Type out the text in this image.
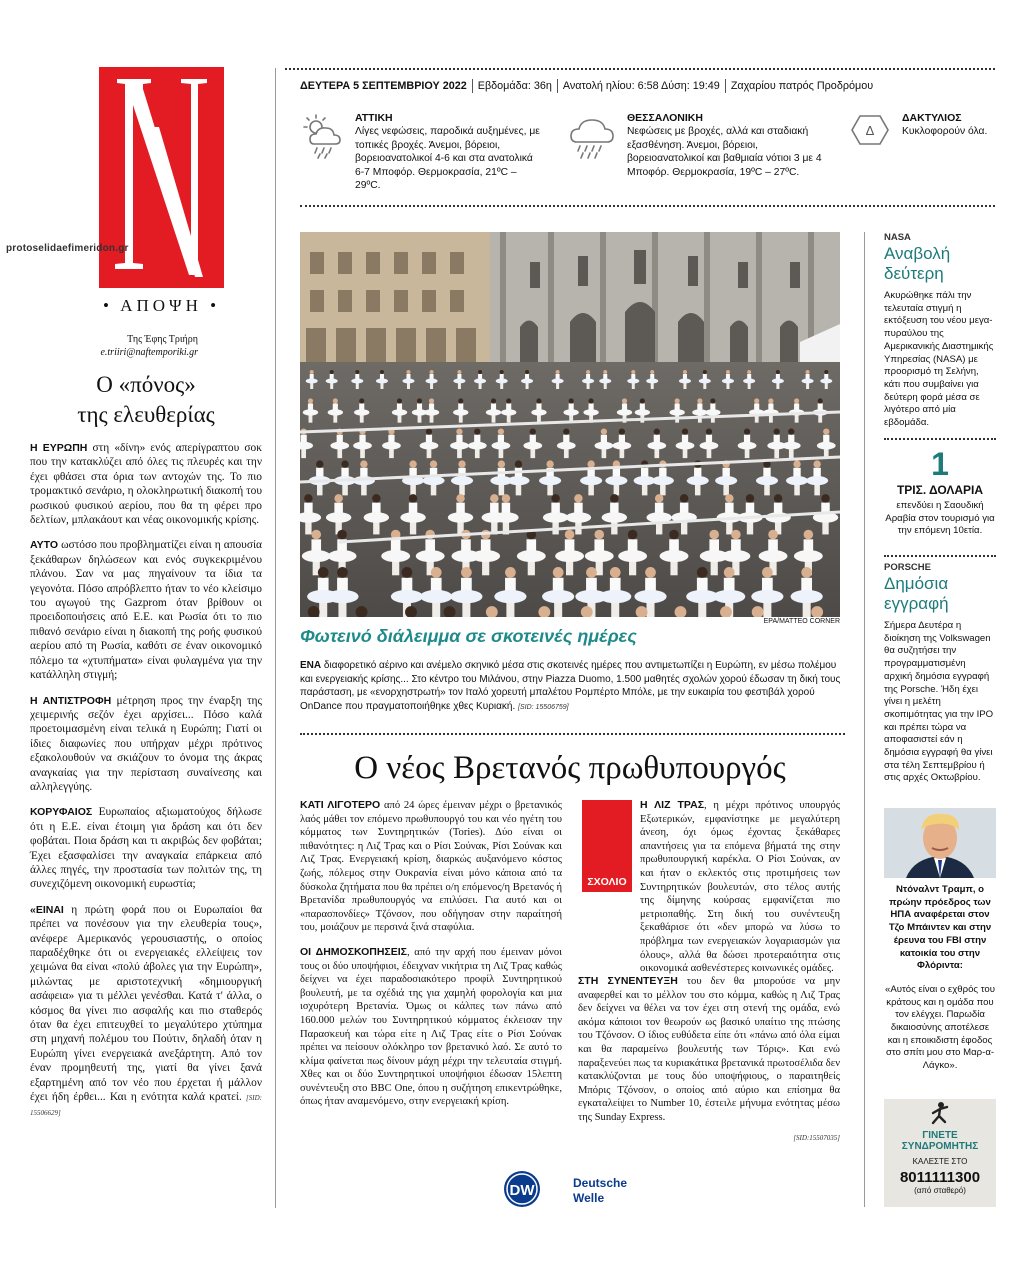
protoselidaefimeridon.gr
• ΑΠΟΨΗ •
Της Έφης Τριήρη
e.triiri@naftemporiki.gr
Ο «πόνος»
της ελευθερίας

Η ΕΥΡΩΠΗ στη «δίνη» ενός απερίγραπτου σοκ που την κατακλύζει από όλες τις πλευρές και την έχει φθάσει στα όρια των αντοχών της. Το πιο τρομακτικό σενάριο, η ολοκληρωτική διακοπή του ρωσικού φυσικού αερίου, που θα τη φέρει προ δελτίων, μπλακάουτ και νέας οικονομικής κρίσης.

ΑΥΤΟ ωστόσο που προβληματίζει είναι η απουσία ξεκάθαρων δηλώσεων και ενός συγκεκριμένου πλάνου. Σαν να μας πηγαίνουν τα ίδια τα γεγονότα. Πόσο απρόβλεπτο ήταν το νέο κλείσιμο του αγωγού της Gazprom όταν βρίθουν οι προειδοποιήσεις από Ε.Ε. και Ρωσία ότι το πιο πιθανό σενάριο είναι η διακοπή της ροής φυσικού αερίου από τη Ρωσία, καθότι σε έναν οικονομικό πόλεμο τα «χτυπήματα» είναι φυλαγμένα για την κατάλληλη στιγμή;

Η ΑΝΤΙΣΤΡΟΦΗ μέτρηση προς την έναρξη της χειμερινής σεζόν έχει αρχίσει... Πόσο καλά προετοιμασμένη είναι τελικά η Ευρώπη; Γιατί οι ίδιες διαφωνίες που υπήρχαν μέχρι πρότινος εξακολουθούν να σκιάζουν το όνομα της άκρας αναγκαίας για την περίσταση συναίνεσης και αλληλεγγύης.

ΚΟΡΥΦΑΙΟΣ Ευρωπαίος αξιωματούχος δήλωσε ότι η Ε.Ε. είναι έτοιμη για δράση και ότι δεν φοβάται. Ποια δράση και τι ακριβώς δεν φοβάται; Έχει εξασφαλίσει την αναγκαία επάρκεια από άλλες πηγές, την προστασία των πολιτών της, τη συνεχιζόμενη οικονομική ευρωστία;

«ΕΙΝΑΙ η πρώτη φορά που οι Ευρωπαίοι θα πρέπει να πονέσουν για την ελευθερία τους», ανέφερε Αμερικανός γερουσιαστής, ο οποίος παραδέχθηκε ότι οι ενεργειακές ελλείψεις τον χειμώνα θα είναι «πολύ άβολες για την Ευρώπη», μιλώντας με αριστοτεχνική «δημιουργική ασάφεια» για τι μέλλει γενέσθαι. Κατά τ' άλλα, ο κόσμος θα γίνει πιο ασφαλής και πιο σταθερός όταν θα έχει επιτευχθεί το μεγαλύτερο χτύπημα στη μηχανή πολέμου του Πούτιν, δηλαδή όταν η Ευρώπη γίνει ενεργειακά ανεξάρτητη. Από τον έναν προμηθευτή της, γιατί θα γίνει ξανά εξαρτημένη από τον νέο που έρχεται ή μάλλον έχει ήδη έρθει... Και η ενότητα καλά κρατεί. [SID: 15506629]

ΔΕΥΤΕΡΑ 5 ΣΕΠΤΕΜΒΡΙΟΥ 2022 Εβδομάδα: 36η Ανατολή ηλίου: 6:58 Δύση: 19:49 Ζαχαρίου πατρός Προδρόμου
ΑΤΤΙΚΗ
Λίγες νεφώσεις, παροδικά αυξημένες, με τοπικές βροχές. Άνεμοι, βόρειοι, βορειοανατολικοί 4-6 και στα ανατολικά 6-7 Μποφόρ. Θερμοκρασία, 21ºC – 29ºC.
ΘΕΣΣΑΛΟΝΙΚΗ
Νεφώσεις με βροχές, αλλά και σταδιακή εξασθένηση. Άνεμοι, βόρειοι, βορειοανατολικοί και βαθμιαία νότιοι 3 με 4 Μποφόρ. Θερμοκρασία, 19ºC – 27ºC.
Δ
ΔΑΚΤΥΛΙΟΣ
Κυκλοφορούν όλα.
EPA/MATTEO CORNER
Φωτεινό διάλειμμα σε σκοτεινές ημέρες
ΕΝΑ διαφορετικό αέρινο και ανέμελο σκηνικό μέσα στις σκοτεινές ημέρες που αντιμετωπίζει η Ευρώπη, εν μέσω πολέμου και ενεργειακής κρίσης... Στο κέντρο του Μιλάνου, στην Piazza Duomo, 1.500 μαθητές σχολών χορού έδωσαν τη δική τους παράσταση, με «ενορχηστρωτή» τον Ιταλό χορευτή μπαλέτου Ρομπέρτο Μπόλε, με την ευκαιρία του φεστιβάλ χορού OnDance που πραγματοποιήθηκε χθες Κυριακή. [SID: 15506759]
Ο νέος Βρετανός πρωθυπουργός

ΚΑΤΙ ΛΙΓΟΤΕΡΟ από 24 ώρες έμειναν μέχρι ο βρετανικός λαός μάθει τον επόμενο πρωθυπουργό του και νέο ηγέτη του κόμματος των Συντηρητικών (Tories). Δύο είναι οι πιθανότητες: η Λιζ Τρας και ο Ρίσι Σούνακ, Ρίσι Σούνακ και Λιζ Τρας. Ενεργειακή κρίση, διαρκώς αυξανόμενο κόστος ζωής, πόλεμος στην Ουκρανία είναι μόνο κάποια από τα δύσκολα ζητήματα που θα πρέπει ο/η επόμενος/η Βρετανός ή Βρετανίδα πρωθυπουργός να επιλύσει. Για αυτό και οι «παρασπονδίες» Τζόνσον, που οδήγησαν στην παραίτησή του, μοιάζουν με περσινά ξινά σταφύλια.

ΟΙ ΔΗΜΟΣΚΟΠΗΣΕΙΣ, από την αρχή που έμειναν μόνοι τους οι δύο υποψήφιοι, έδειχναν νικήτρια τη Λιζ Τρας καθώς δείχνει να έχει παραδοσιακότερο προφίλ Συντηρητικού βουλευτή, με τα σχέδιά της για χαμηλή φορολογία και μια ισχυρότερη Βρετανία. Όμως οι κάλπες των πάνω από 160.000 μελών του Συντηρητικού κόμματος έκλεισαν την Παρασκευή και τώρα είτε η Λιζ Τρας είτε ο Ρίσι Σούνακ πρέπει να πείσουν ολόκληρο τον βρετανικό λαό. Σε αυτό το κλίμα φαίνεται πως δίνουν μάχη μέχρι την τελευταία στιγμή. Χθες και οι δύο Συντηρητικοί υποψήφιοι έδωσαν 15λεπτη συνέντευξη στο BBC One, όπου η συζήτηση επικεντρώθηκε, όπως ήταν αναμενόμενο, στην ενεργειακή κρίση.

ΣΧΟΛΙΟ

Η ΛΙΖ ΤΡΑΣ, η μέχρι πρότινος υπουργός Εξωτερικών, εμφανίστηκε με μεγαλύτερη άνεση, όχι όμως έχοντας ξεκάθαρες απαντήσεις για τα επόμενα βήματά της στην πρωθυπουργική καρέκλα. Ο Ρίσι Σούνακ, αν και ήταν ο εκλεκτός στις προτιμήσεις των Συντηρητικών βουλευτών, στο τέλος αυτής της δίμηνης κούρσας εμφανίζεται πιο μετριοπαθής. Στη δική του συνέντευξη ξεκαθάρισε ότι «δεν μπορώ να λύσω το πρόβλημα των ενεργειακών λογαριασμών για όλους», αλλά θα δώσει προτεραιότητα στις οικονομικά ασθενέστερες κοινωνικές ομάδες.

ΣΤΗ ΣΥΝΕΝΤΕΥΞΗ του δεν θα μπορούσε να μην αναφερθεί και το μέλλον του στο κόμμα, καθώς η Λιζ Τρας δεν δείχνει να θέλει να τον έχει στη στενή της ομάδα, ενώ ακόμα κάποιοι τον θεωρούν ως βασικό υπαίτιο της πτώσης του Τζόνσον. Ο ίδιος ευθύδετα είπε ότι «πάνω από όλα είμαι και θα παραμείνω βουλευτής των Τόρις». Και ενώ παραξενεύει πως τα κυριακάτικα βρετανικά πρωτοσέλιδα δεν κατακλύζονται με τους δύο υποψήφιους, ο παραιτηθείς Μπόρις Τζόνσον, ο οποίος από αύριο και επίσημα θα εγκαταλείψει το Number 10, έστειλε μήνυμα ενότητας μέσω της Sunday Express.

[SID:15507035]
DW	Deutsche
Welle
NASA
Αναβολή δεύτερη
Ακυρώθηκε πάλι την τελευταία στιγμή η εκτόξευση του νέου μεγα-πυραύλου της Αμερικανικής Διαστημικής Υπηρεσίας (NASA) με προορισμό τη Σελήνη, κάτι που συμβαίνει για δεύτερη φορά μέσα σε λιγότερο από μία εβδομάδα.
1
ΤΡΙΣ. ΔΟΛΑΡΙΑ
επενδύει η Σαουδική Αραβία στον τουρισμό για την επόμενη 10ετία.
PORSCHE
Δημόσια εγγραφή
Σήμερα Δευτέρα η διοίκηση της Volkswagen θα συζητήσει την προγραμματισμένη αρχική δημόσια εγγραφή της Porsche. Ήδη έχει γίνει η μελέτη σκοπιμότητας για την IPO και πρέπει τώρα να αποφασιστεί εάν η δημόσια εγγραφή θα γίνει στα τέλη Σεπτεμβρίου ή στις αρχές Οκτωβρίου.
Ντόναλντ Τραμπ, ο πρώην πρόεδρος των ΗΠΑ αναφέρεται στον Τζο Μπάιντεν και στην έρευνα του FBI στην κατοικία του στην Φλόριντα:
«Αυτός είναι ο εχθρός του κράτους και η ομάδα που τον ελέγχει. Παρωδία δικαιοσύνης αποτέλεσε και η εποικιδιστη έφοδος στο σπίτι μου στο Μαρ-α-Λάγκο».
ΓΙΝΕΤΕ
ΣΥΝΔΡΟΜΗΤΗΣ
ΚΑΛΕΣΤΕ ΣΤΟ
8011111300
(από σταθερό)
